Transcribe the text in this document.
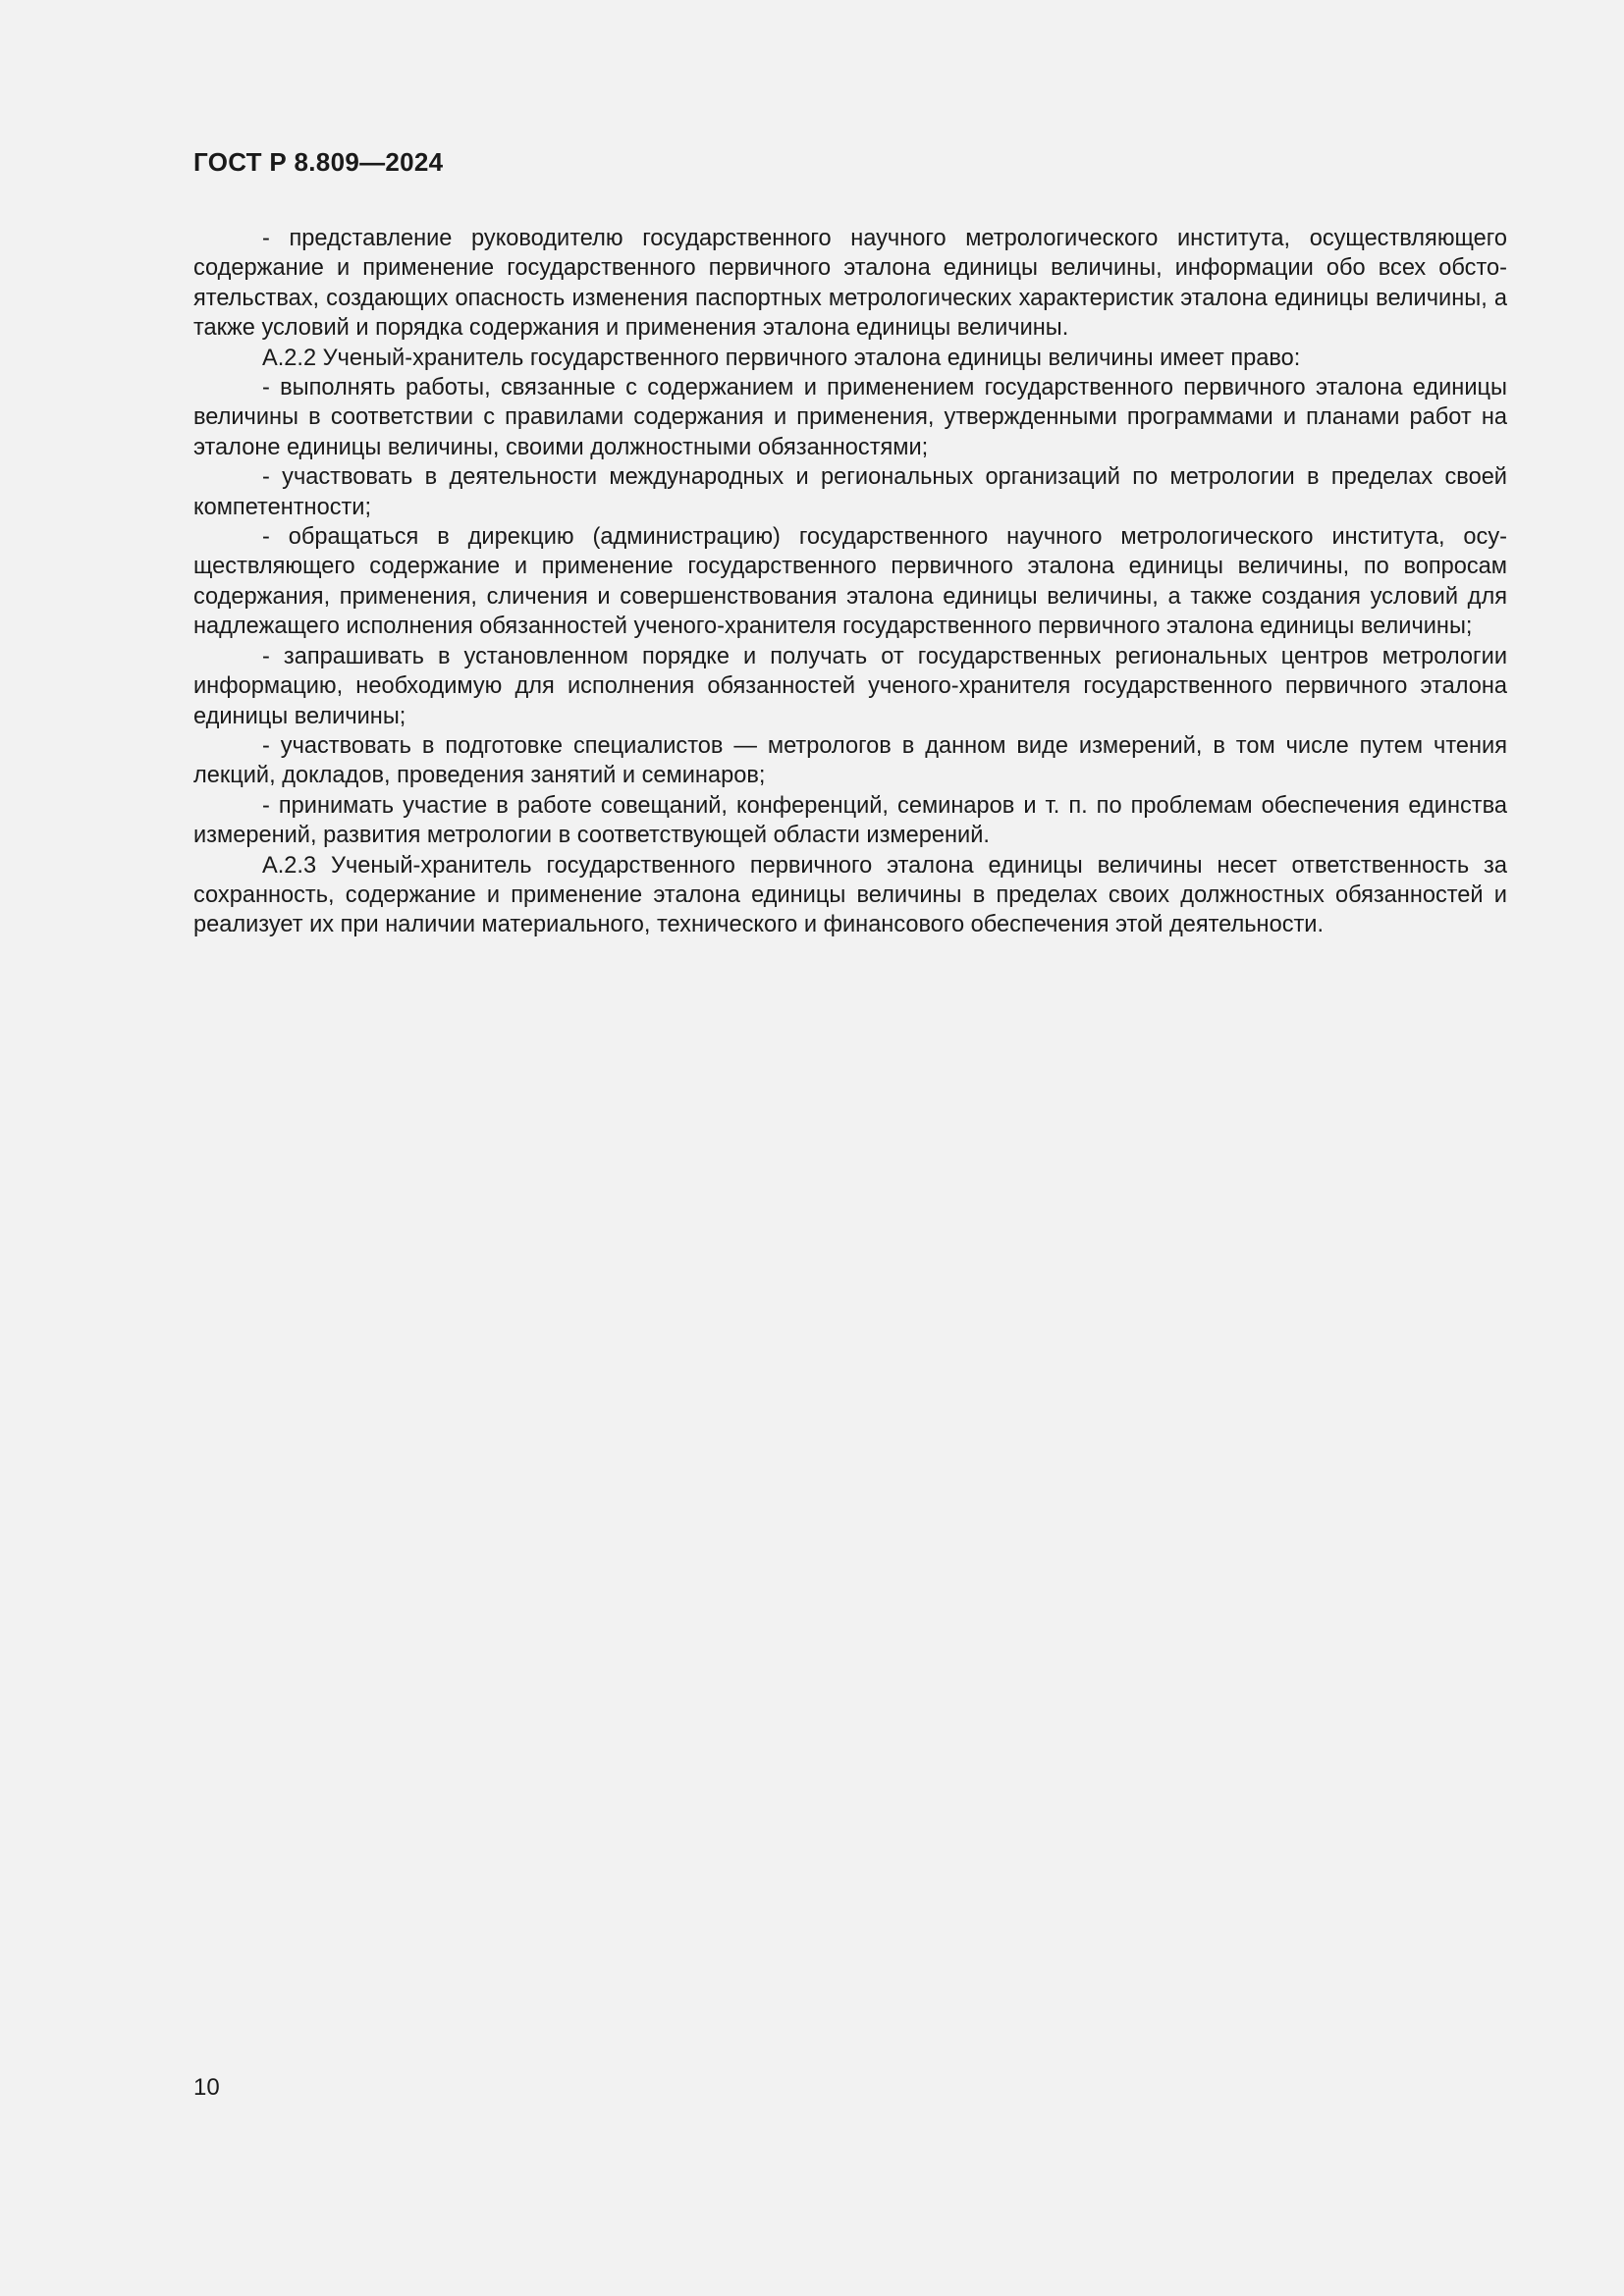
ГОСТ Р 8.809—2024

- представление руководителю государственного научного метрологического института, осуществляющего содержание и применение государственного первичного эталона единицы величины, информации обо всех обстоятельствах, создающих опасность изменения паспортных метрологических характеристик эталона единицы величины, а также условий и порядка содержания и применения эталона единицы величины.

А.2.2 Ученый-хранитель государственного первичного эталона единицы величины имеет право:

- выполнять работы, связанные с содержанием и применением государственного первичного эталона единицы величины в соответствии с правилами содержания и применения, утвержденными программами и планами работ на эталоне единицы величины, своими должностными обязанностями;

- участвовать в деятельности международных и региональных организаций по метрологии в пределах своей компетентности;

- обращаться в дирекцию (администрацию) государственного научного метрологического института, осуществляющего содержание и применение государственного первичного эталона единицы величины, по вопросам содержания, применения, сличения и совершенствования эталона единицы величины, а также создания условий для надлежащего исполнения обязанностей ученого-хранителя государственного первичного эталона единицы величины;

- запрашивать в установленном порядке и получать от государственных региональных центров метрологии информацию, необходимую для исполнения обязанностей ученого-хранителя государственного первичного эталона единицы величины;

- участвовать в подготовке специалистов — метрологов в данном виде измерений, в том числе путем чтения лекций, докладов, проведения занятий и семинаров;

- принимать участие в работе совещаний, конференций, семинаров и т. п. по проблемам обеспечения единства измерений, развития метрологии в соответствующей области измерений.

А.2.3 Ученый-хранитель государственного первичного эталона единицы величины несет ответственность за сохранность, содержание и применение эталона единицы величины в пределах своих должностных обязанностей и реализует их при наличии материального, технического и финансового обеспечения этой деятельности.

10
